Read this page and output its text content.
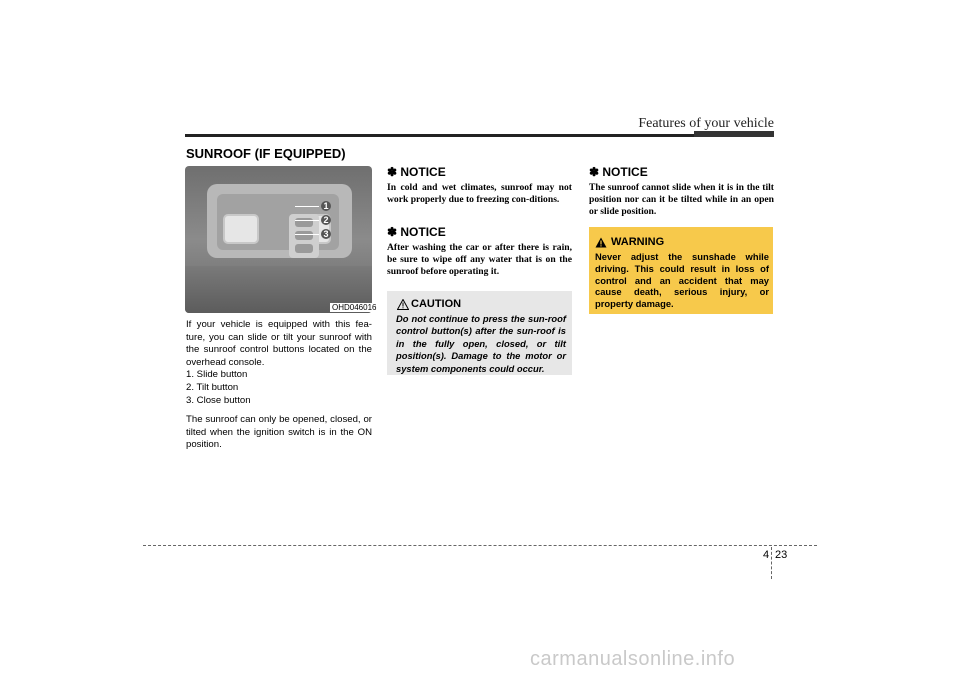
Features of your vehicle
SUNROOF (IF EQUIPPED)
1
2
3
OHD046016

If your vehicle is equipped with this fea-ture, you can slide or tilt your sunroof with the sunroof control buttons located on the overhead console.

1. Slide button

2. Tilt button

3. Close button

The sunroof can only be opened, closed, or tilted when the ignition switch is in the ON position.

✽ NOTICE

In cold and wet climates, sunroof may not work properly due to freezing con-ditions.

✽ NOTICE

After washing the car or after there is rain, be sure to wipe off any water that is on the sunroof before operating it.

CAUTION
Do not continue to press the sun-roof control button(s) after the sun-roof is in the fully open, closed, or tilt position(s). Damage to the motor or system components could occur.
✽ NOTICE

The sunroof cannot slide when it is in the tilt position nor can it be tilted while in an open or slide position.

WARNING
Never adjust the sunshade while driving. This could result in loss of control and an accident that may cause death, serious injury, or property damage.
4 23
carmanualsonline.info
